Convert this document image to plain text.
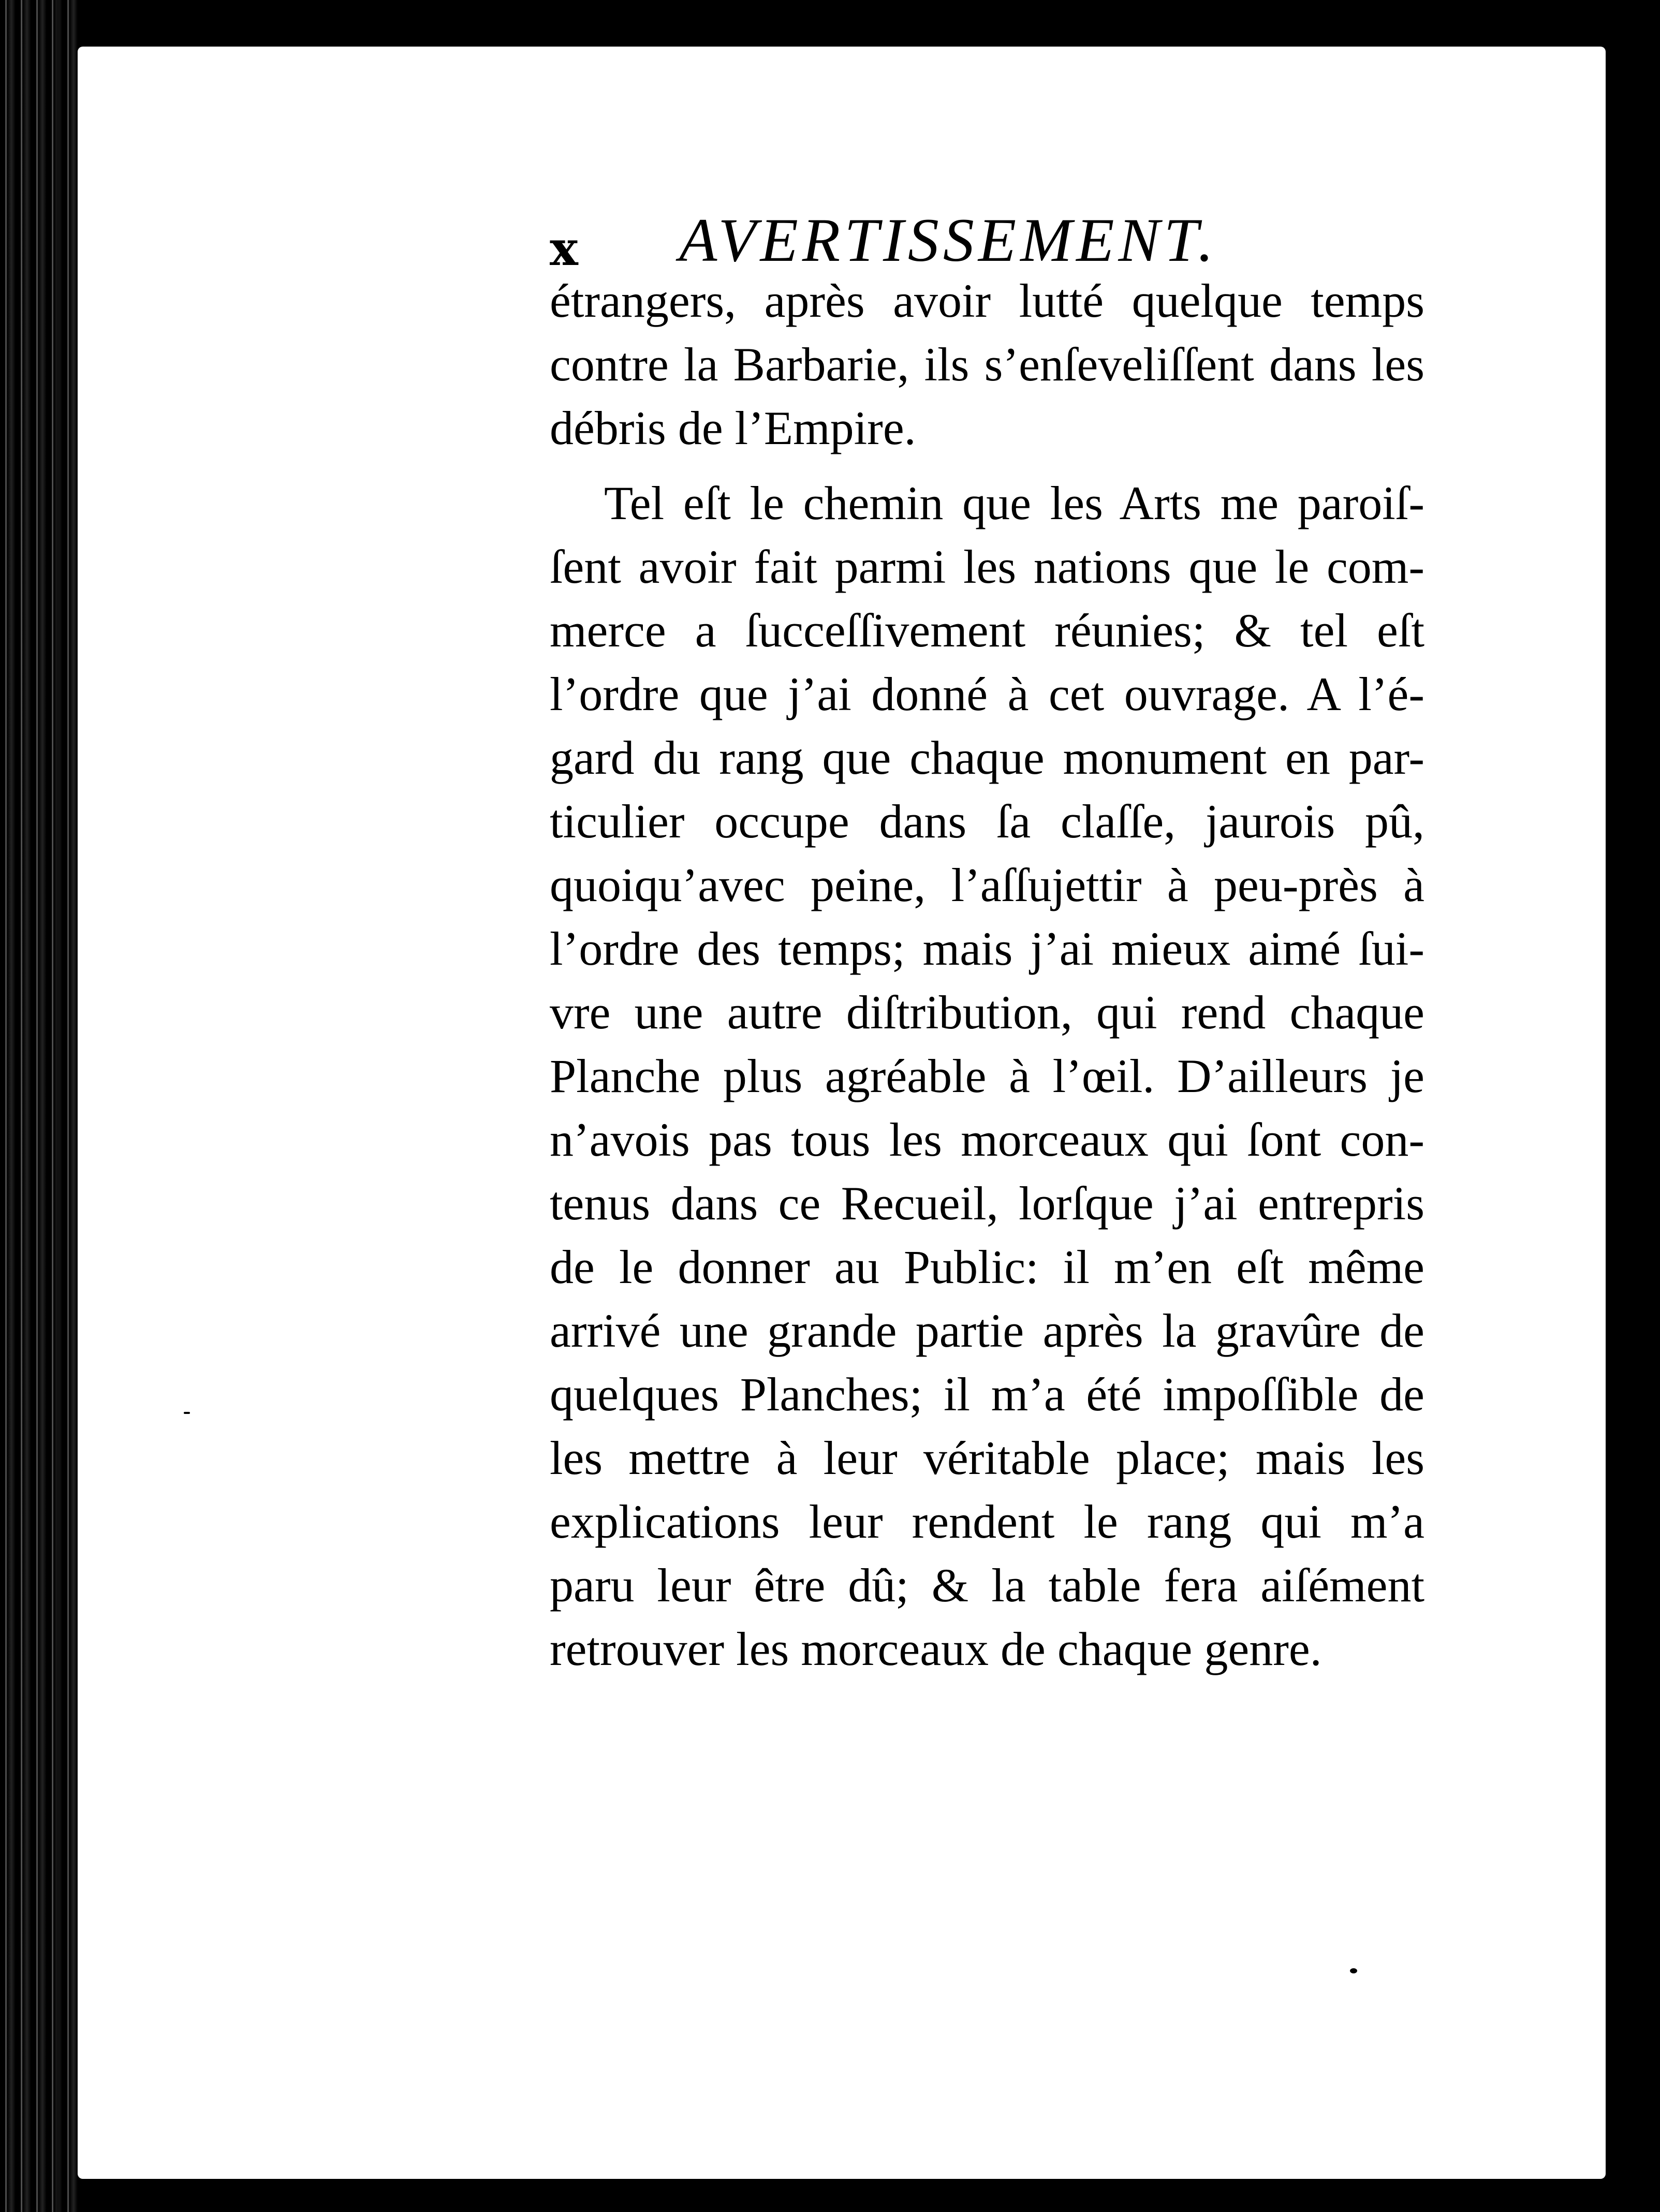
x AVERTISSEMENT.
étrangers, après avoir lutté quelque temps
contre la Barbarie, ils s’enſeveliſſent dans les
débris de l’Empire.
Tel eſt le chemin que les Arts me paroiſ-
ſent avoir fait parmi les nations que le com-
merce a ſucceſſivement réunies; & tel eſt
l’ordre que j’ai donné à cet ouvrage. A l’é-
gard du rang que chaque monument en par-
ticulier occupe dans ſa claſſe, jaurois pû,
quoiqu’avec peine, l’aſſujettir à peu-près à
l’ordre des temps; mais j’ai mieux aimé ſui-
vre une autre diſtribution, qui rend chaque
Planche plus agréable à l’œil. D’ailleurs je
n’avois pas tous les morceaux qui ſont con-
tenus dans ce Recueil, lorſque j’ai entrepris
de le donner au Public: il m’en eſt même
arrivé une grande partie après la gravûre de
quelques Planches; il m’a été impoſſible de
les mettre à leur véritable place; mais les
explications leur rendent le rang qui m’a
paru leur être dû; & la table fera aiſément
retrouver les morceaux de chaque genre.
